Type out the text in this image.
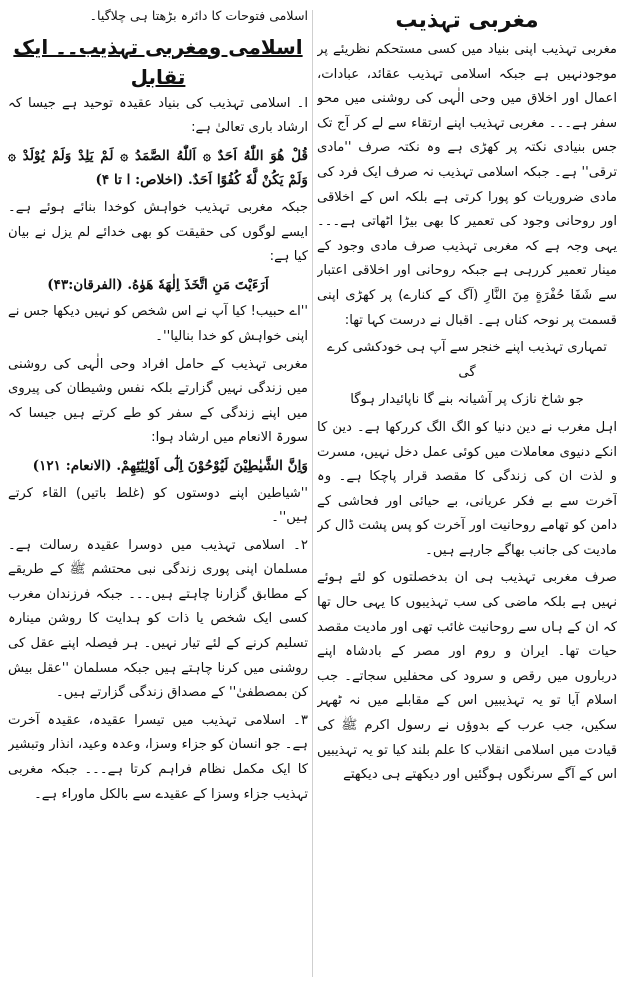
مغربی تہذیب

مغربی تہذیب اپنی بنیاد میں کسی مستحکم نظریئے پر موجودنہیں ہے جبکہ اسلامی تہذیب عقائد، عبادات، اعمال اور اخلاق میں وحی الٰہی کی روشنی میں محو سفر ہے۔۔۔ مغربی تہذیب اپنے ارتقاء سے لے کر آج تک جس بنیادی نکتہ پر کھڑی ہے وہ نکتہ صرف ''مادی ترقی'' ہے۔ جبکہ اسلامی تہذیب نہ صرف ایک فرد کی مادی ضروریات کو پورا کرتی ہے بلکہ اس کے اخلاقی اور روحانی وجود کی تعمیر کا بھی بیڑا اٹھاتی ہے۔۔۔ یہی وجہ ہے کہ مغربی تہذیب صرف مادی وجود کے مینار تعمیر کررہی ہے جبکہ روحانی اور اخلاقی اعتبار سے شَفَا حُفْرَةٍ مِنَ النَّارِ (آگ کے کنارے) پر کھڑی اپنی قسمت پر نوحہ کناں ہے۔ اقبال نے درست کہا تھا:

تمہاری تہذیب اپنے خنجر سے آپ ہی خودکشی کرے گی

جو شاخ نازک پر آشیانہ بنے گا ناپائیدار ہوگا

اہل مغرب نے دین دنیا کو الگ الگ کررکھا ہے۔ دین کا انکے دنیوی معاملات میں کوئی عمل دخل نہیں، مسرت و لذت ان کی زندگی کا مقصد قرار پاچکا ہے۔ وہ آخرت سے بے فکر عریانی، بے حیائی اور فحاشی کے دامن کو تھامے روحانیت اور آخرت کو پس پشت ڈال کر مادیت کی جانب بھاگے جارہے ہیں۔

صرف مغربی تہذیب ہی ان بدخصلتوں کو لئے ہوئے نہیں ہے بلکہ ماضی کی سب تہذیبوں کا یہی حال تھا کہ ان کے ہاں سے روحانیت غائب تھی اور مادیت مقصد حیات تھا۔ ایران و روم اور مصر کے بادشاہ اپنے درباروں میں رقص و سرود کی محفلیں سجاتے۔ جب اسلام آیا تو یہ تہذیبیں اس کے مقابلے میں نہ ٹھہر سکیں، جب عرب کے بدوؤں نے رسول اکرم ﷺ کی قیادت میں اسلامی انقلاب کا علم بلند کیا تو یہ تہذیبیں اس کے آگے سرنگوں ہوگئیں اور دیکھتے ہی دیکھتے

اسلامی فتوحات کا دائرہ بڑھتا ہی چلاگیا۔

اسلامی ومغربی تہذیب۔۔ ایک تقابل

ا۔ اسلامی تہذیب کی بنیاد عقیدہ توحید ہے جیسا کہ ارشاد باری تعالیٰ ہے:

قُلْ هُوَ اللّٰهُ اَحَدٌ ۞ اَللّٰهُ الصَّمَدُ ۞ لَمْ يَلِدْ وَلَمْ يُوْلَدْ ۞ وَلَمْ يَكُنْ لَّهٗ كُفُوًا اَحَدٌ. (اخلاص: ا تا ۴)

جبکہ مغربی تہذیب خواہش کوخدا بنائے ہوئے ہے۔ ایسے لوگوں کی حقیقت کو بھی خدائے لم یزل نے بیان کیا ہے:

اَرَءَيْتَ مَنِ اتَّخَذَ اِلٰهَهٗ هَوٰهُ. (الفرقان:۴۳)

''اے حبیب! کیا آپ نے اس شخص کو نہیں دیکھا جس نے اپنی خواہش کو خدا بنالیا''۔

مغربی تہذیب کے حامل افراد وحی الٰہی کی روشنی میں زندگی نہیں گزارتے بلکہ نفس وشیطان کی پیروی میں اپنے زندگی کے سفر کو طے کرتے ہیں جیسا کہ سورۃ الانعام میں ارشاد ہوا:

وَاِنَّ الشَّيٰطِيْنَ لَيُوْحُوْنَ اِلٰٓى اَوْلِيٰٓئِهِمْ. (الانعام: ۱۲۱)

''شیاطین اپنے دوستوں کو (غلط باتیں) القاء کرتے ہیں''۔

۲۔ اسلامی تہذیب میں دوسرا عقیدہ رسالت ہے۔ مسلمان اپنی پوری زندگی نبی محتشم ﷺ کے طریقے کے مطابق گزارنا چاہتے ہیں۔۔۔ جبکہ فرزندان مغرب کسی ایک شخص یا ذات کو ہدایت کا روشن مینارہ تسلیم کرنے کے لئے تیار نہیں۔ ہر فیصلہ اپنے عقل کی روشنی میں کرنا چاہتے ہیں جبکہ مسلمان ''عقل بیش کن بمصطفیٰ'' کے مصداق زندگی گزارتے ہیں۔

۳۔ اسلامی تہذیب میں تیسرا عقیدہ، عقیدہ آخرت ہے۔ جو انسان کو جزاء وسزا، وعدہ وعید، انذار وتبشیر کا ایک مکمل نظام فراہم کرتا ہے۔۔۔ جبکہ مغربی تہذیب جزاء وسزا کے عقیدے سے بالکل ماوراء ہے۔
